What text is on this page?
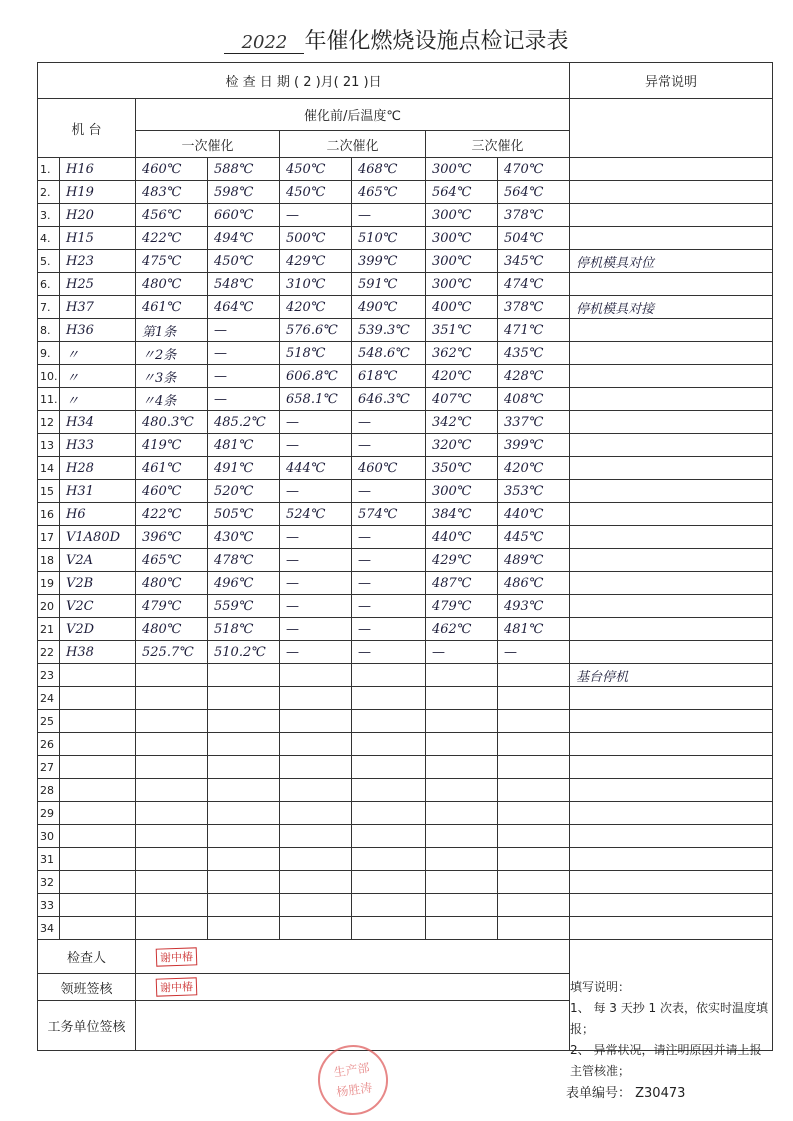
2022 年催化燃烧设施点检记录表
检 查 日 期 ( 2 )月( 21 )日								异常说明
机 台		催化前/后温度℃						
		一次催化		二次催化		三次催化		
1.	H16	460℃	588℃	450℃	468℃	300℃	470℃	
2.	H19	483℃	598℃	450℃	465℃	564℃	564℃	
3.	H20	456℃	660℃	—	—	300℃	378℃	
4.	H15	422℃	494℃	500℃	510℃	300℃	504℃	
5.	H23	475℃	450℃	429℃	399℃	300℃	345℃	停机模具对位
6.	H25	480℃	548℃	310℃	591℃	300℃	474℃	
7.	H37	461℃	464℃	420℃	490℃	400℃	378℃	停机模具对接
8.	H36	第1条	—	576.6℃	539.3℃	351℃	471℃	
9.	〃	〃2条	—	518℃	548.6℃	362℃	435℃	
10.	〃	〃3条	—	606.8℃	618℃	420℃	428℃	
11.	〃	〃4条	—	658.1℃	646.3℃	407℃	408℃	
12	H34	480.3℃	485.2℃	—	—	342℃	337℃	
13	H33	419℃	481℃	—	—	320℃	399℃	
14	H28	461℃	491℃	444℃	460℃	350℃	420℃	
15	H31	460℃	520℃	—	—	300℃	353℃	
16	H6	422℃	505℃	524℃	574℃	384℃	440℃	
17	V1A80D	396℃	430℃	—	—	440℃	445℃	
18	V2A	465℃	478℃	—	—	429℃	489℃	
19	V2B	480℃	496℃	—	—	487℃	486℃	
20	V2C	479℃	559℃	—	—	479℃	493℃	
21	V2D	480℃	518℃	—	—	462℃	481℃	
22	H38	525.7℃	510.2℃	—	—	—	—	
23								基台停机
24								
25								
26								
27								
28								
29								
30								
31								
32								
33								
34								
检查人		谢中椿						
领班签核		谢中椿						
工务单位签核								
填写说明：
1、 每 3 天抄 1 次表，依实时温度填报；
2、 异常状况，请注明原因并请上报主管核准；
生产部
杨胜涛	表单编号： Z30473
